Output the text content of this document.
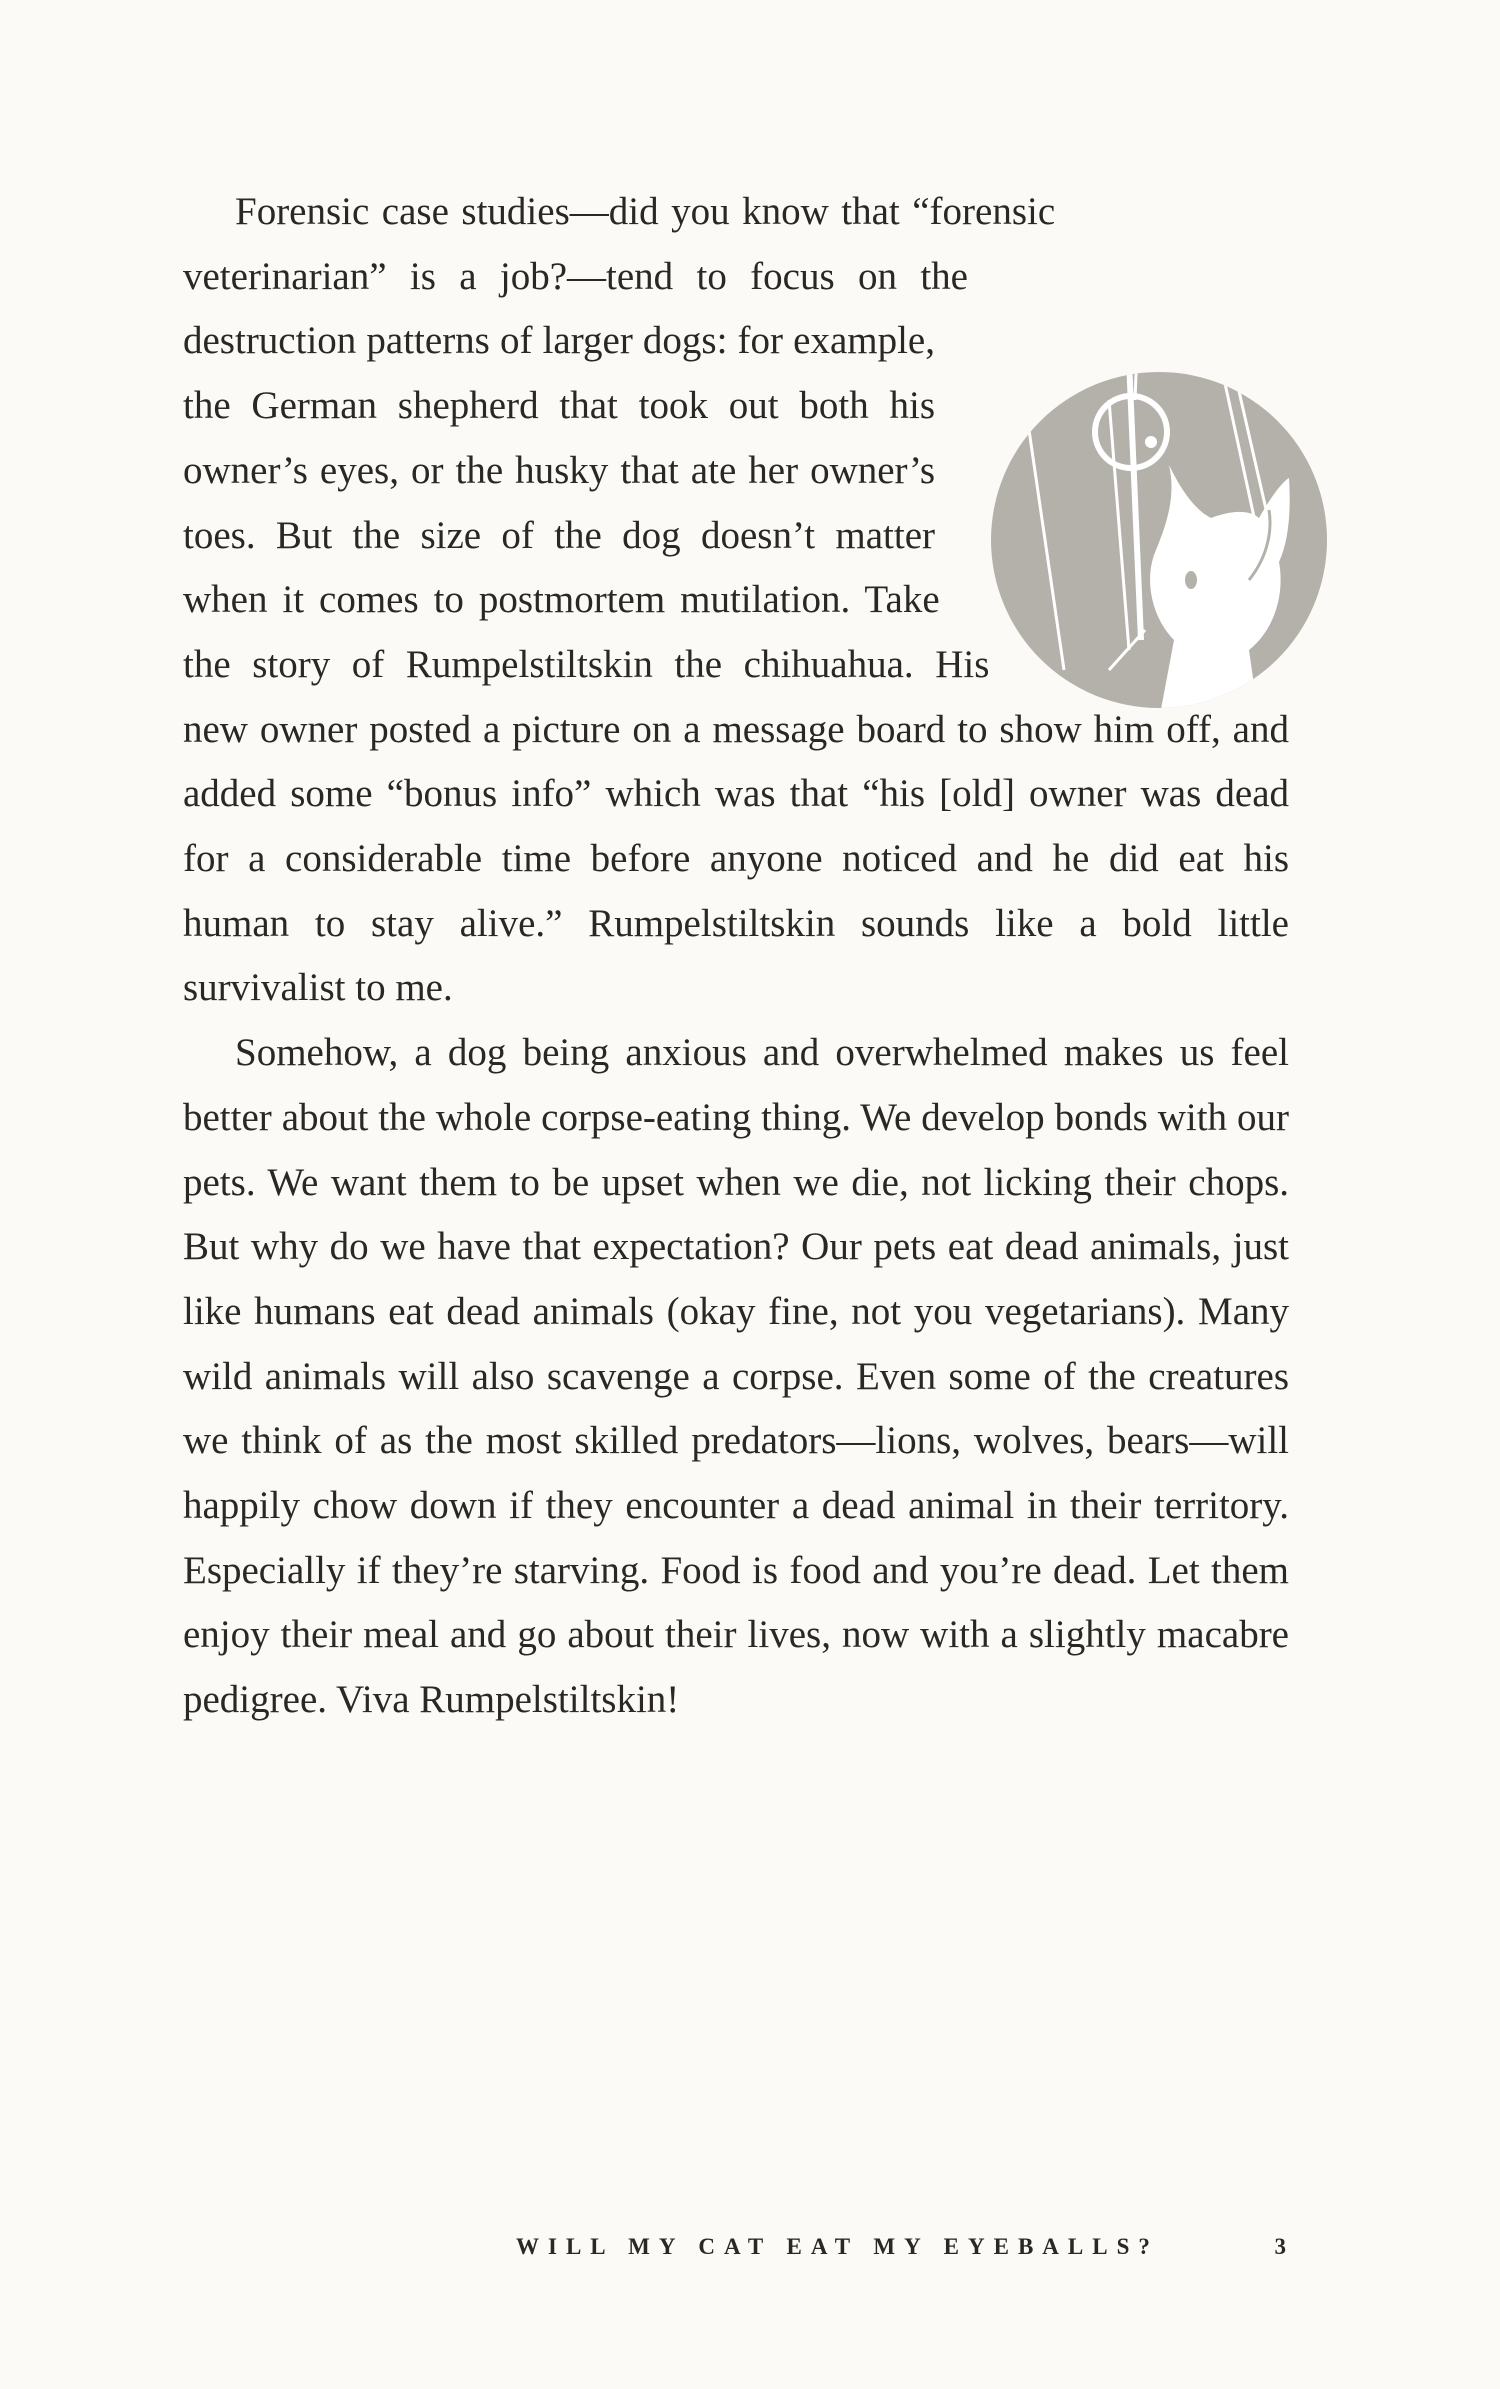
Forensic case studies—did you know that “forensic veterinarian” is a job?—tend to focus on the destruction patterns of larger dogs: for example, the German shepherd that took out both his owner’s eyes, or the husky that ate her owner’s toes. But the size of the dog doesn’t matter when it comes to postmortem mutilation. Take the story of Rumpelstiltskin the chihuahua. His new owner posted a picture on a message board to show him off, and added some “bonus info” which was that “his [old] owner was dead for a considerable time before anyone noticed and he did eat his human to stay alive.” Rumpelstiltskin sounds like a bold little survivalist to me.

Somehow, a dog being anxious and overwhelmed makes us feel better about the whole corpse-eating thing. We develop bonds with our pets. We want them to be upset when we die, not licking their chops. But why do we have that expectation? Our pets eat dead animals, just like humans eat dead animals (okay fine, not you vegetarians). Many wild animals will also scavenge a corpse. Even some of the creatures we think of as the most skilled predators—lions, wolves, bears—will happily chow down if they encounter a dead animal in their territory. Especially if they’re starving. Food is food and you’re dead. Let them enjoy their meal and go about their lives, now with a slightly macabre pedigree. Viva Rumpelstiltskin!

WILL MY CAT EAT MY EYEBALLS?	3
